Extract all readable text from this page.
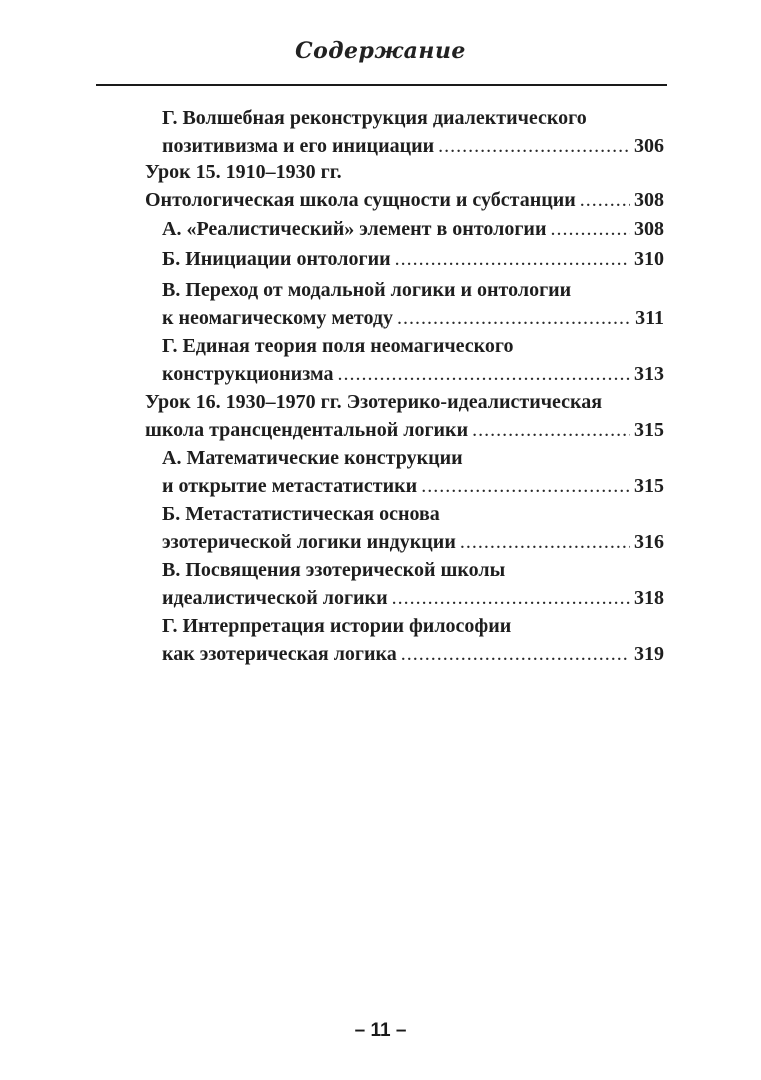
Содержание
Г. Волшебная реконструкция диалектического
позитивизма и его инициации .....	306
Урок 15. 1910–1930 гг.
Онтологическая школа сущности и субстанции .....	308
А. «Реалистический» элемент в онтологии .....	308
Б. Инициации онтологии .....	310
В. Переход от модальной логики и онтологии
к неомагическому методу .....	311
Г. Единая теория поля неомагического
конструкционизма .....	313
Урок 16. 1930–1970 гг. Эзотерико-идеалистическая
школа трансцендентальной логики .....	315
А. Математические конструкции
и открытие метастатистики .....	315
Б. Метастатистическая основа
эзотерической логики индукции .....	316
В. Посвящения эзотерической школы
идеалистической логики .....	318
Г. Интерпретация истории философии
как эзотерическая логика .....	319
– 11 –
